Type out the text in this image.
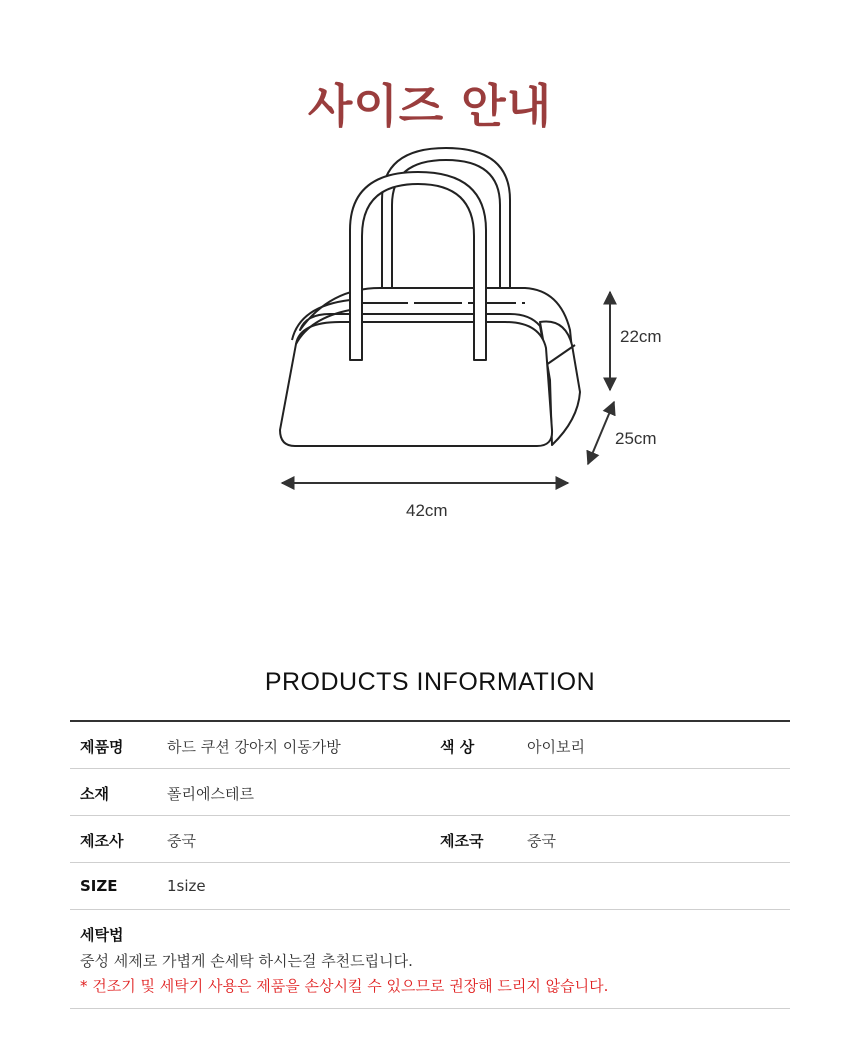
사이즈 안내
22cm
25cm
42cm
PRODUCTS INFORMATION
제품명	하드 쿠션 강아지 이동가방	색 상	아이보리
소재	폴리에스테르
제조사	중국	제조국	중국
SIZE	1size
세탁법
중성 세제로 가볍게 손세탁 하시는걸 추천드립니다.
* 건조기 및 세탁기 사용은 제품을 손상시킬 수 있으므로 권장해 드리지 않습니다.
